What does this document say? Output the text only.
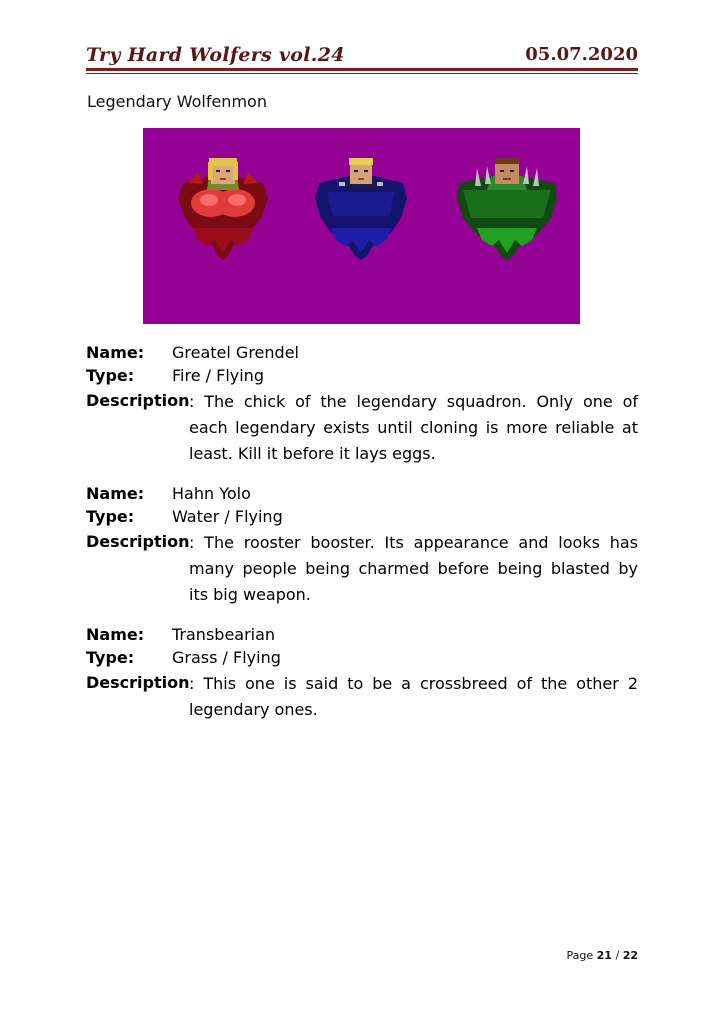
Try Hard Wolfers vol.24	05.07.2020
Legendary Wolfenmon
Name: Greatel Grendel
Type: Fire / Flying
Description : The chick of the legendary squadron. Only one of each legendary exists until cloning is more reliable at least. Kill it before it lays eggs.
Name: Hahn Yolo
Type: Water / Flying
Description : The rooster booster. Its appearance and looks has many people being charmed before being blasted by its big weapon.
Name: Transbearian
Type: Grass / Flying
Description : This one is said to be a crossbreed of the other 2 legendary ones.
Page 21 / 22
